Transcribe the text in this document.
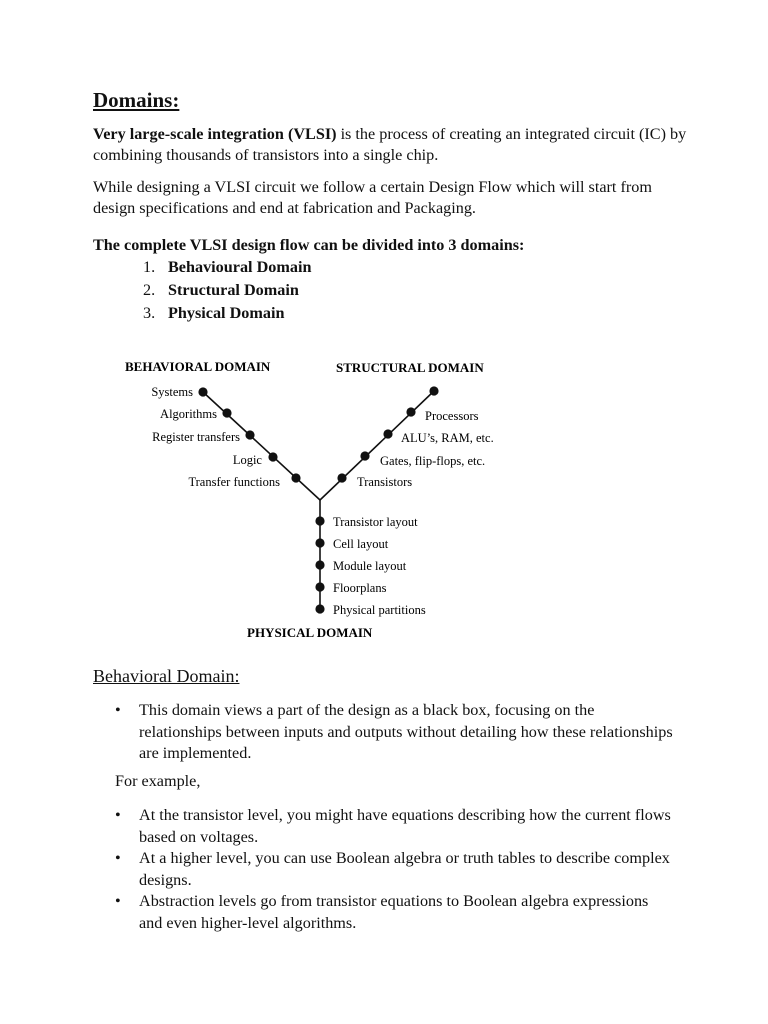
Domains:

Very large-scale integration (VLSI) is the process of creating an integrated circuit (IC) by combining thousands of transistors into a single chip.

While designing a VLSI circuit we follow a certain Design Flow which will start from design specifications and end at fabrication and Packaging.

The complete VLSI design flow can be divided into 3 domains:

1. Behavioural Domain
2. Structural Domain
3. Physical Domain
BEHAVIORAL DOMAIN	STRUCTURAL DOMAIN
PHYSICAL DOMAIN
Systems
Algorithms
Register transfers
Logic
Transfer functions
Processors
ALU’s, RAM, etc.
Gates, flip-flops, etc.
Transistors
Transistor layout
Cell layout
Module layout
Floorplans
Physical partitions
Behavioral Domain:
• This domain views a part of the design as a black box, focusing on the relationships between inputs and outputs without detailing how these relationships are implemented.

For example,

• At the transistor level, you might have equations describing how the current flows based on voltages.
• At a higher level, you can use Boolean algebra or truth tables to describe complex designs.
• Abstraction levels go from transistor equations to Boolean algebra expressions and even higher-level algorithms.
